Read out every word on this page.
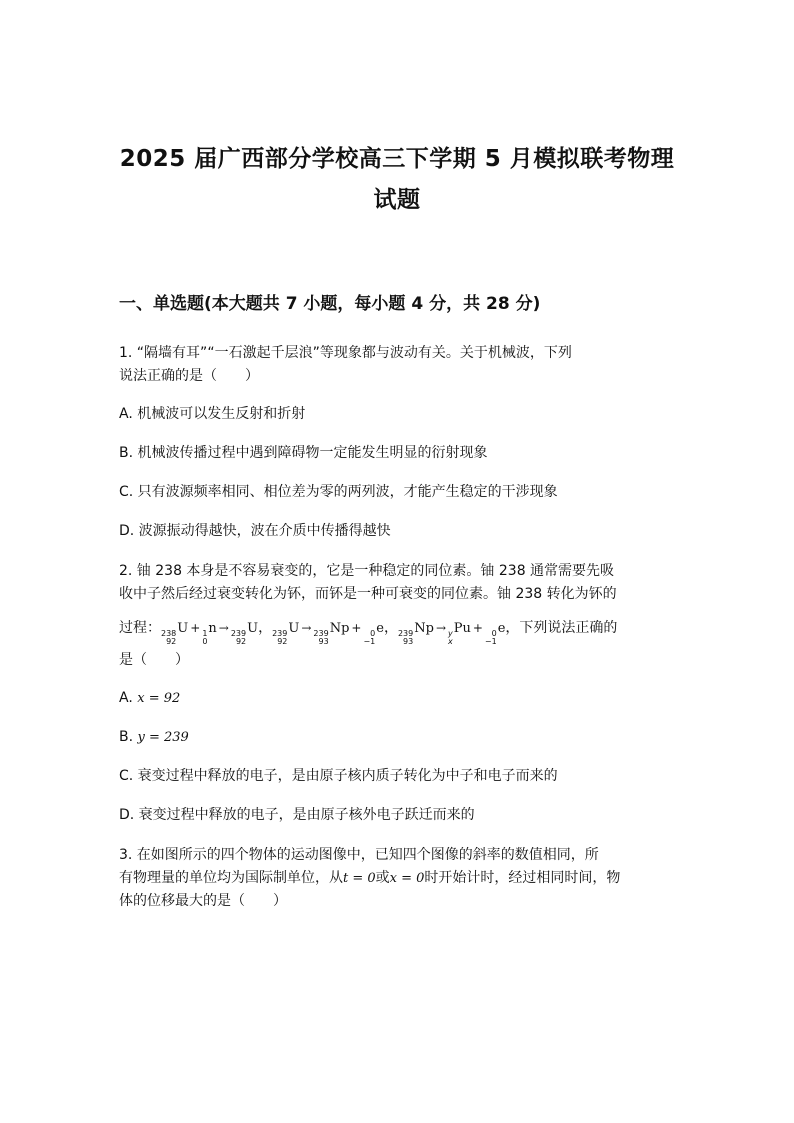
2025 届广西部分学校高三下学期 5 月模拟联考物理
试题
一、单选题(本大题共 7 小题，每小题 4 分，共 28 分)
1. “隔墙有耳”“一石激起千层浪”等现象都与波动有关。关于机械波，下列
说法正确的是（　　）
A. 机械波可以发生反射和折射
B. 机械波传播过程中遇到障碍物一定能发生明显的衍射现象
C. 只有波源频率相同、相位差为零的两列波，才能产生稳定的干涉现象
D. 波源振动得越快，波在介质中传播得越快
2. 铀 238 本身是不容易衰变的，它是一种稳定的同位素。铀 238 通常需要先吸
收中子然后经过衰变转化为钚，而钚是一种可衰变的同位素。铀 238 转化为钚的
过程： 238
92
U + 1
0
n → 239
92
U， 239
92
U → 239
93
Np +	0
−1
e， 239
93
Np → y
x
Pu +	0
−1
e，下列说法正确的
是（　　）
A. x = 92
B. y = 239
C. 衰变过程中释放的电子，是由原子核内质子转化为中子和电子而来的
D. 衰变过程中释放的电子，是由原子核外电子跃迁而来的
3. 在如图所示的四个物体的运动图像中，已知四个图像的斜率的数值相同，所
有物理量的单位均为国际制单位，从t = 0或x = 0时开始计时，经过相同时间，物
体的位移最大的是（　　）
